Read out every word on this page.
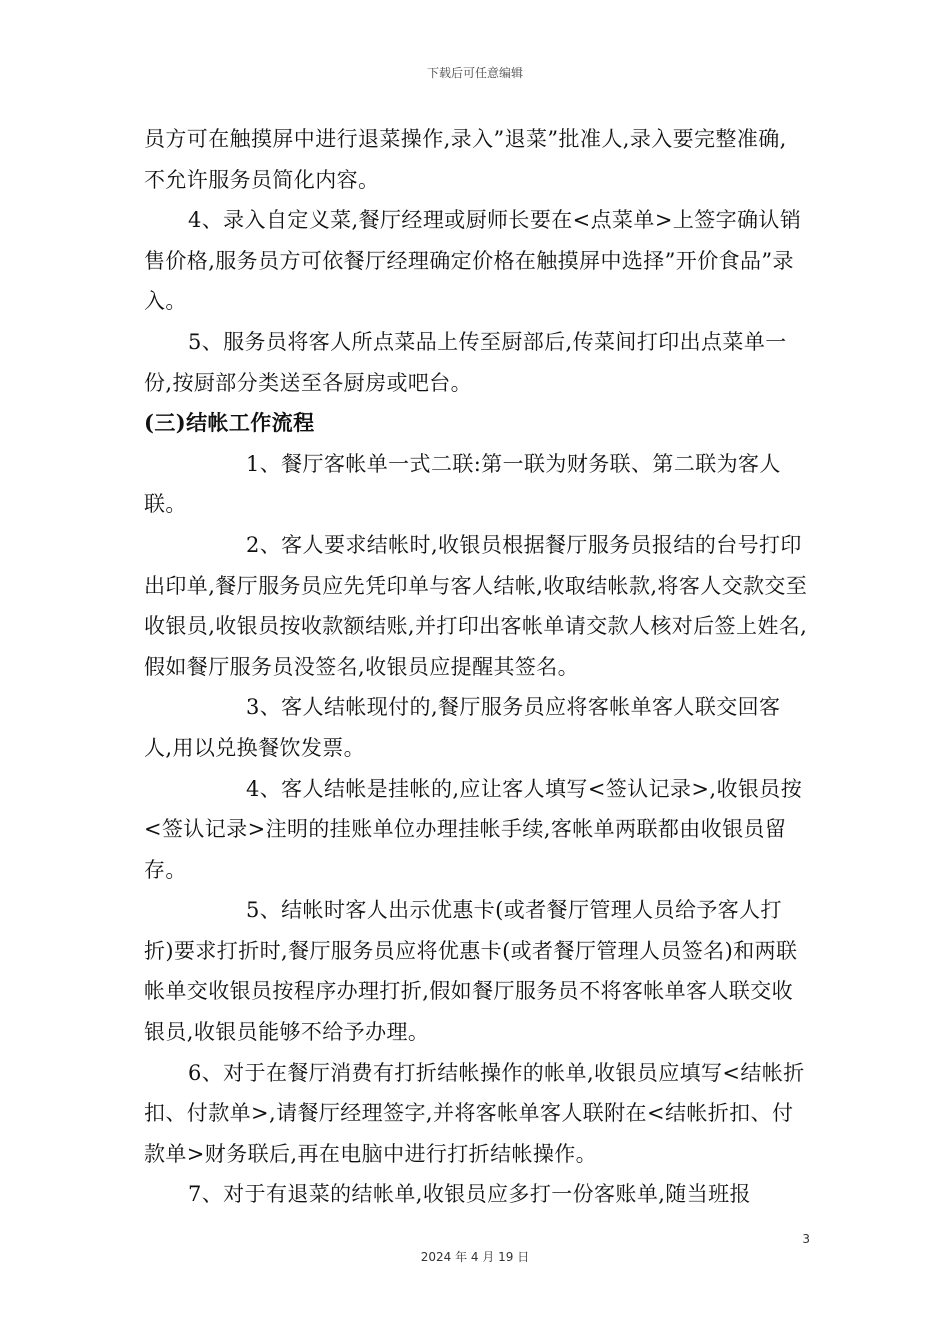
下载后可任意编辑

员方可在触摸屏中进行退菜操作,录入”退菜”批准人,录入要完整准确,不允许服务员简化内容。

4、录入自定义菜,餐厅经理或厨师长要在<点菜单>上签字确认销售价格,服务员方可依餐厅经理确定价格在触摸屏中选择”开价食品”录入。

5、服务员将客人所点菜品上传至厨部后,传菜间打印出点菜单一份,按厨部分类送至各厨房或吧台。

(三)结帐工作流程

1、餐厅客帐单一式二联:第一联为财务联、第二联为客人联。

2、客人要求结帐时,收银员根据餐厅服务员报结的台号打印出印单,餐厅服务员应先凭印单与客人结帐,收取结帐款,将客人交款交至收银员,收银员按收款额结账,并打印出客帐单请交款人核对后签上姓名,假如餐厅服务员没签名,收银员应提醒其签名。

3、客人结帐现付的,餐厅服务员应将客帐单客人联交回客人,用以兑换餐饮发票。

4、客人结帐是挂帐的,应让客人填写<签认记录>,收银员按<签认记录>注明的挂账单位办理挂帐手续,客帐单两联都由收银员留存。

5、结帐时客人出示优惠卡(或者餐厅管理人员给予客人打折)要求打折时,餐厅服务员应将优惠卡(或者餐厅管理人员签名)和两联帐单交收银员按程序办理打折,假如餐厅服务员不将客帐单客人联交收银员,收银员能够不给予办理。

6、对于在餐厅消费有打折结帐操作的帐单,收银员应填写<结帐折扣、付款单>,请餐厅经理签字,并将客帐单客人联附在<结帐折扣、付款单>财务联后,再在电脑中进行打折结帐操作。

7、对于有退菜的结帐单,收银员应多打一份客账单,随当班报

3
2024 年 4 月 19 日
